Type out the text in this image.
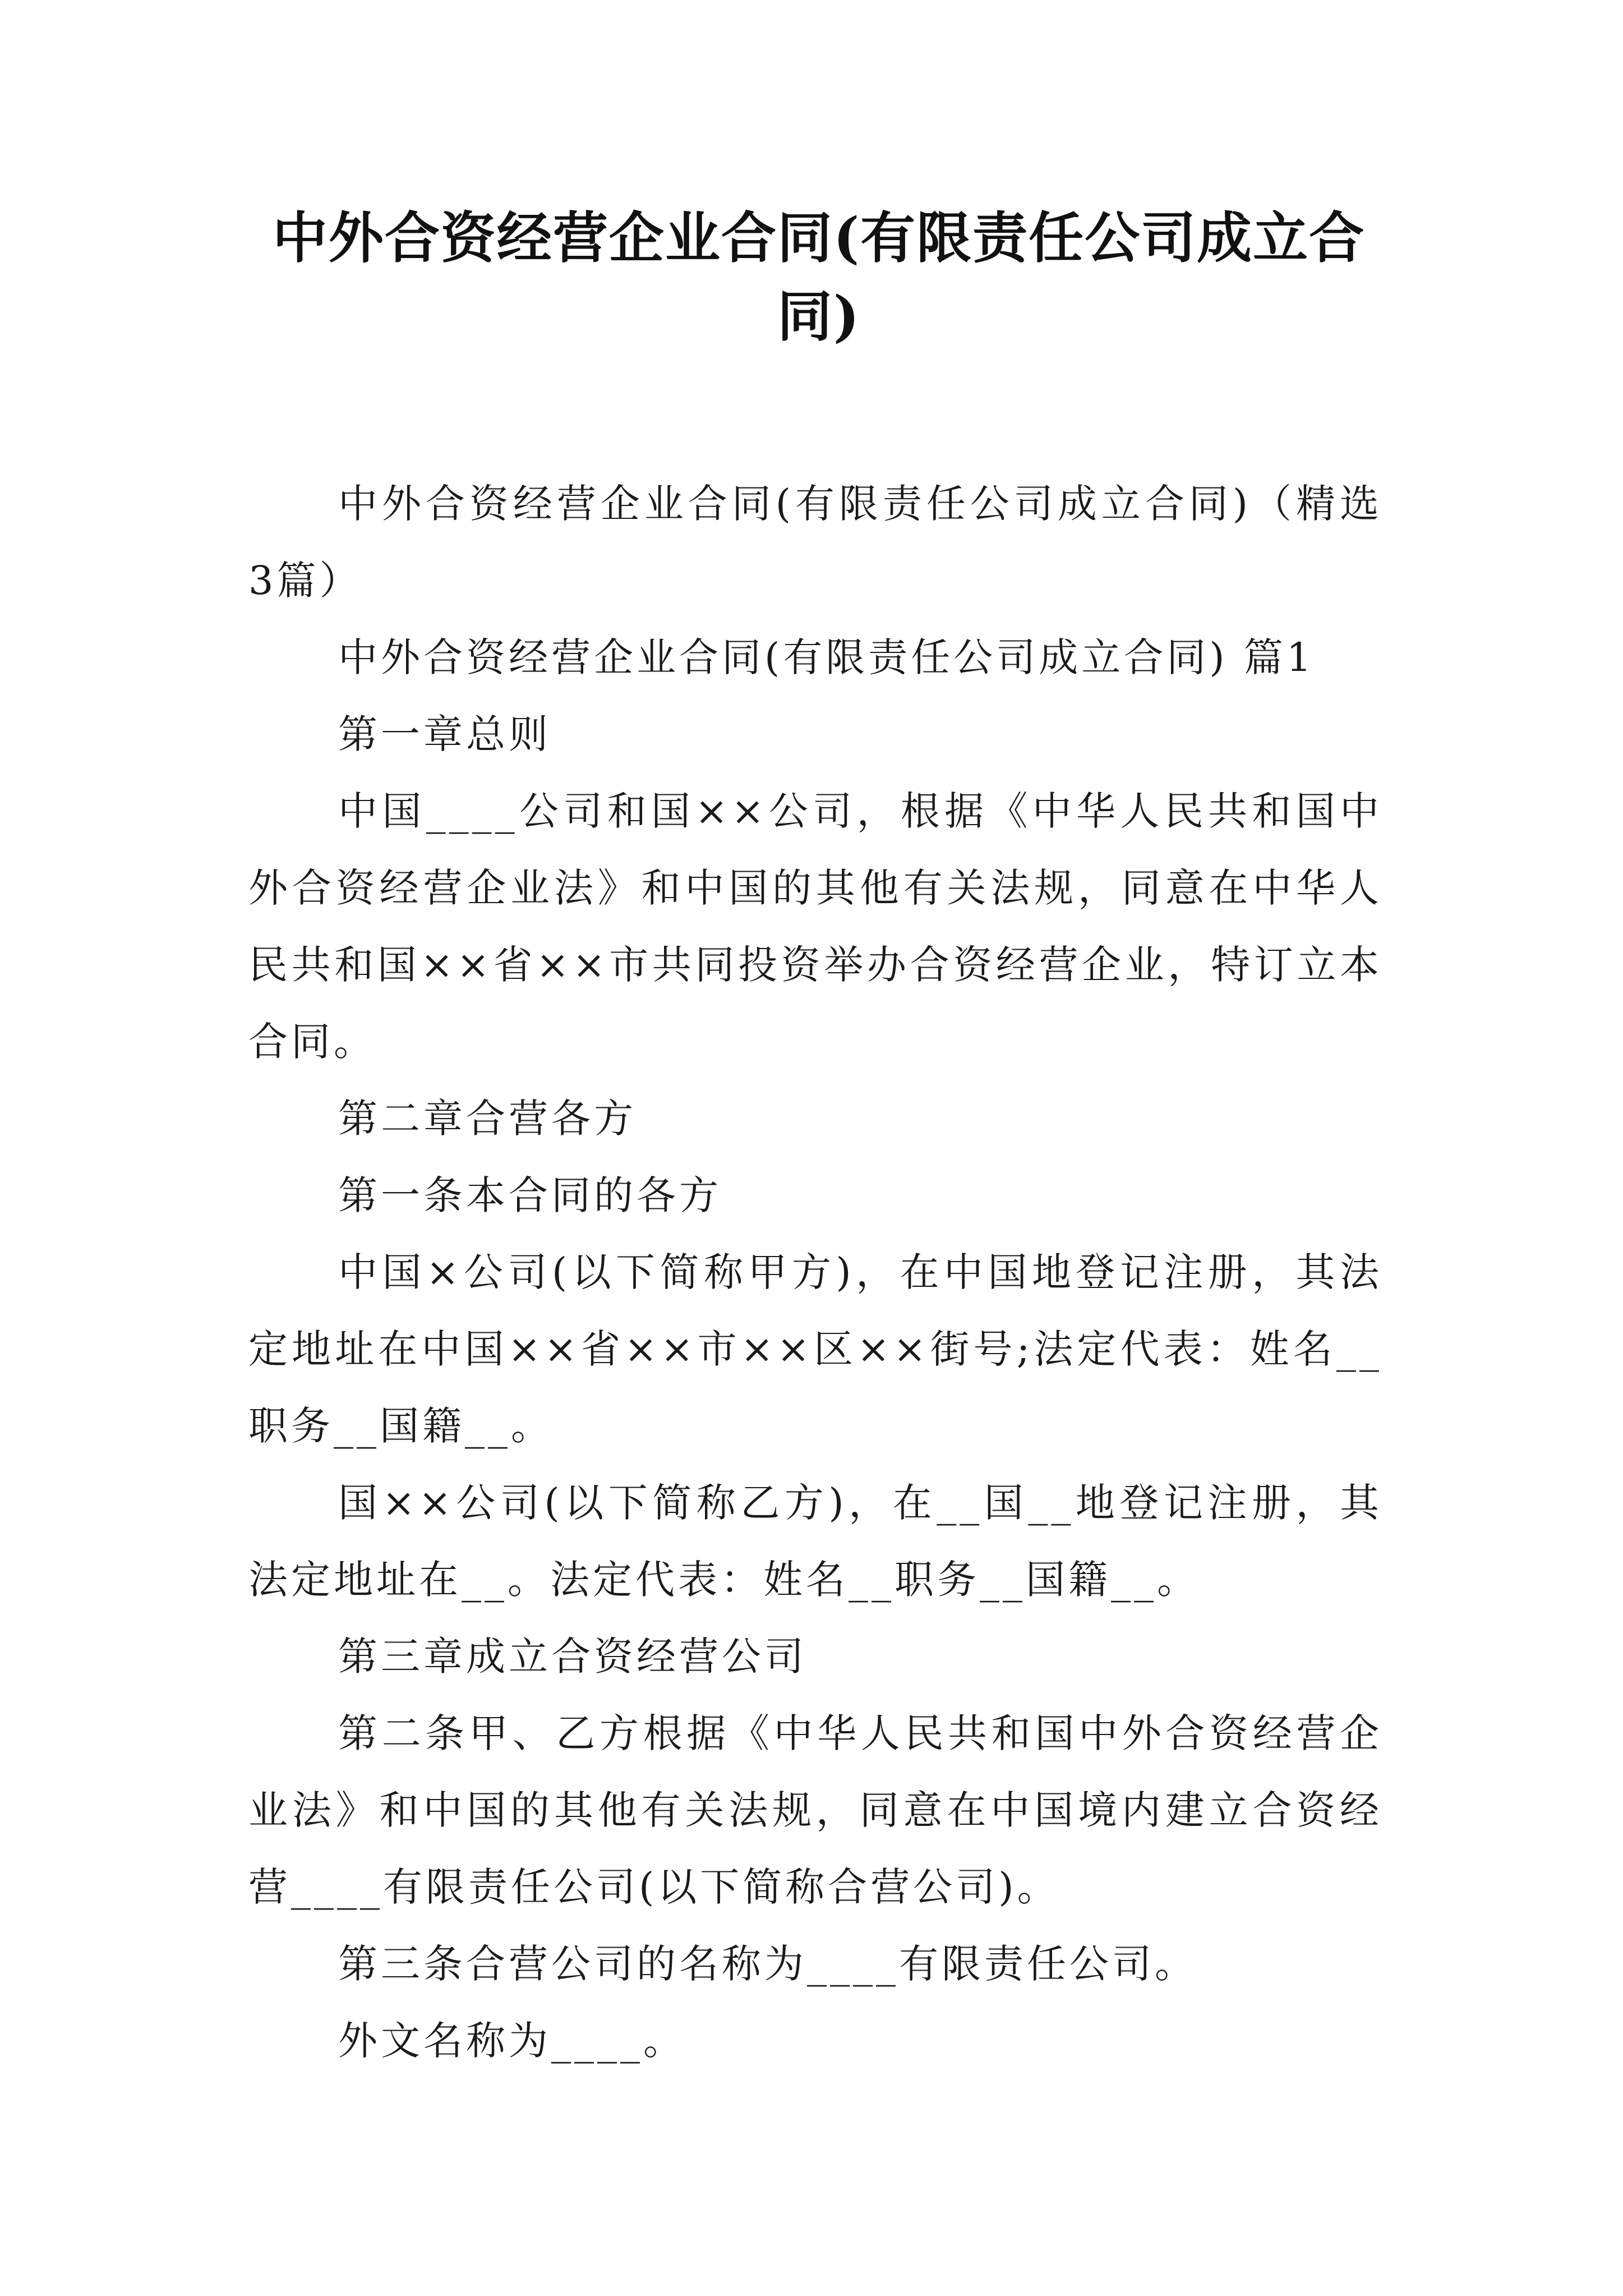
中外合资经营企业合同(有限责任公司成立合同)

中外合资经营企业合同(有限责任公司成立合同)（精选3篇）

中外合资经营企业合同(有限责任公司成立合同) 篇1

第一章总则

中国____公司和国××公司，根据《中华人民共和国中外合资经营企业法》和中国的其他有关法规，同意在中华人民共和国××省××市共同投资举办合资经营企业，特订立本合同。

第二章合营各方

第一条本合同的各方

中国×公司(以下简称甲方)，在中国地登记注册，其法定地址在中国××省××市××区××街号;法定代表：姓名__职务__国籍__。

国××公司(以下简称乙方)，在__国__地登记注册，其法定地址在__。法定代表：姓名__职务__国籍__。

第三章成立合资经营公司

第二条甲、乙方根据《中华人民共和国中外合资经营企业法》和中国的其他有关法规，同意在中国境内建立合资经营____有限责任公司(以下简称合营公司)。

第三条合营公司的名称为____有限责任公司。

外文名称为____。
